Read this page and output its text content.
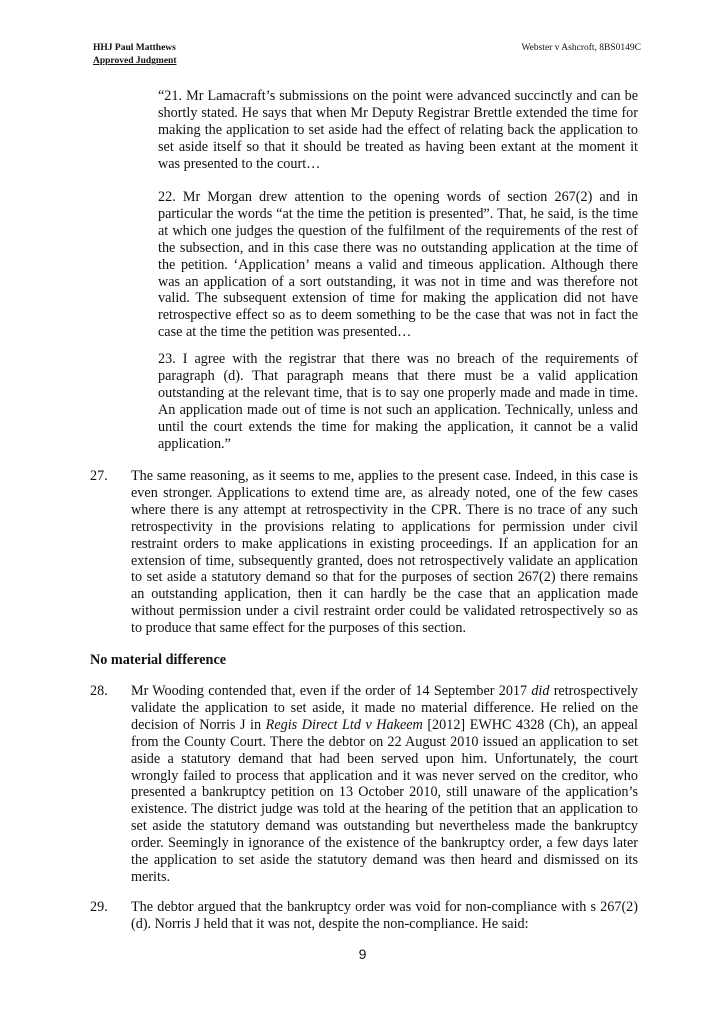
HHJ Paul Matthews
Approved Judgment
Webster v Ashcroft, 8BS0149C

“21. Mr Lamacraft’s submissions on the point were advanced succinctly and can be shortly stated. He says that when Mr Deputy Registrar Brettle extended the time for making the application to set aside had the effect of relating back the application to set aside itself so that it should be treated as having been extant at the moment it was presented to the court…

22. Mr Morgan drew attention to the opening words of section 267(2) and in particular the words “at the time the petition is presented”. That, he said, is the time at which one judges the question of the fulfilment of the requirements of the rest of the subsection, and in this case there was no outstanding application at the time of the petition. ‘Application’ means a valid and timeous application. Although there was an application of a sort outstanding, it was not in time and was therefore not valid. The subsequent extension of time for making the application did not have retrospective effect so as to deem something to be the case that was not in fact the case at the time the petition was presented…

23. I agree with the registrar that there was no breach of the requirements of paragraph (d). That paragraph means that there must be a valid application outstanding at the relevant time, that is to say one properly made and made in time. An application made out of time is not such an application. Technically, unless and until the court extends the time for making the application, it cannot be a valid application.”

27. The same reasoning, as it seems to me, applies to the present case. Indeed, in this case is even stronger. Applications to extend time are, as already noted, one of the few cases where there is any attempt at retrospectivity in the CPR. There is no trace of any such retrospectivity in the provisions relating to applications for permission under civil restraint orders to make applications in existing proceedings. If an application for an extension of time, subsequently granted, does not retrospectively validate an application to set aside a statutory demand so that for the purposes of section 267(2) there remains an outstanding application, then it can hardly be the case that an application made without permission under a civil restraint order could be validated retrospectively so as to produce that same effect for the purposes of this section.
No material difference
28. Mr Wooding contended that, even if the order of 14 September 2017 did retrospectively validate the application to set aside, it made no material difference. He relied on the decision of Norris J in Regis Direct Ltd v Hakeem [2012] EWHC 4328 (Ch), an appeal from the County Court. There the debtor on 22 August 2010 issued an application to set aside a statutory demand that had been served upon him. Unfortunately, the court wrongly failed to process that application and it was never served on the creditor, who presented a bankruptcy petition on 13 October 2010, still unaware of the application’s existence. The district judge was told at the hearing of the petition that an application to set aside the statutory demand was outstanding but nevertheless made the bankruptcy order. Seemingly in ignorance of the existence of the bankruptcy order, a few days later the application to set aside the statutory demand was then heard and dismissed on its merits.
29. The debtor argued that the bankruptcy order was void for non-compliance with s 267(2)(d). Norris J held that it was not, despite the non-compliance. He said:
9
